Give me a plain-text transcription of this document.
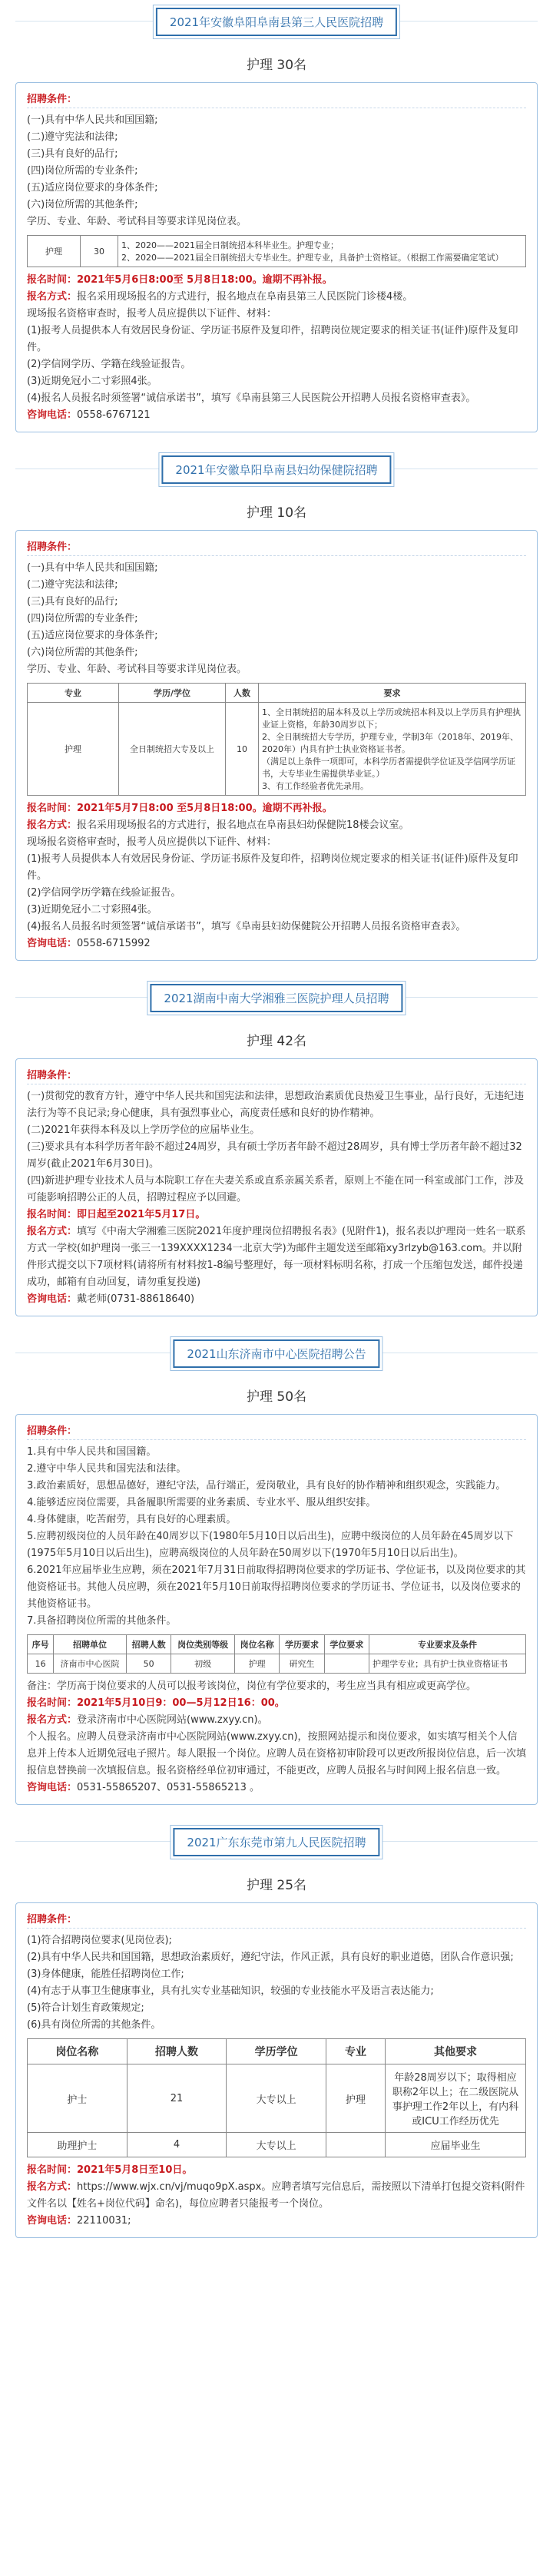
2021年安徽阜阳阜南县第三人民医院招聘
护理 30名
招聘条件：
(一)具有中华人民共和国国籍;
(二)遵守宪法和法律;
(三)具有良好的品行;
(四)岗位所需的专业条件;
(五)适应岗位要求的身体条件;
(六)岗位所需的其他条件;
学历、专业、年龄、考试科目等要求详见岗位表。
护理	30	
1、2020——2021届全日制统招本科毕业生。护理专业；
2、2020——2021届全日制统招大专毕业生。护理专业，具备护士资格证。（根据工作需要确定笔试）
报名时间：2021年5月6日8:00至 5月8日18:00。逾期不再补报。
报名方式：报名采用现场报名的方式进行，报名地点在阜南县第三人民医院门诊楼4楼。
现场报名资格审查时，报考人员应提供以下证件、材料：
(1)报考人员提供本人有效居民身份证、学历证书原件及复印件，招聘岗位规定要求的相关证书(证件)原件及复印件。
(2)学信网学历、学籍在线验证报告。
(3)近期免冠小二寸彩照4张。
(4)报名人员报名时须签署“诚信承诺书”，填写《阜南县第三人民医院公开招聘人员报名资格审查表》。
咨询电话：0558-6767121
2021年安徽阜阳阜南县妇幼保健院招聘
护理 10名
招聘条件：
(一)具有中华人民共和国国籍;
(二)遵守宪法和法律;
(三)具有良好的品行;
(四)岗位所需的专业条件;
(五)适应岗位要求的身体条件;
(六)岗位所需的其他条件;
学历、专业、年龄、考试科目等要求详见岗位表。
专业	学历/学位	人数	要求
护理	全日制统招大专及以上	10	1、全日制统招的届本科及以上学历或统招本科及以上学历具有护理执业证上资格，年龄30周岁以下；
2、全日制统招大专学历，护理专业，学制3年（2018年、2019年、2020年）内具有护士执业资格证书者。
（满足以上条件一项即可，本科学历者需提供学位证及学信网学历证书，大专毕业生需提供毕业证。）
3、有工作经验者优先录用。
报名时间：2021年5月7日8:00 至5月8日18:00。逾期不再补报。
报名方式：报名采用现场报名的方式进行，报名地点在阜南县妇幼保健院18楼会议室。
现场报名资格审查时，报考人员应提供以下证件、材料：
(1)报考人员提供本人有效居民身份证、学历证书原件及复印件，招聘岗位规定要求的相关证书(证件)原件及复印件。
(2)学信网学历学籍在线验证报告。
(3)近期免冠小二寸彩照4张。
(4)报名人员报名时须签署“诚信承诺书”，填写《阜南县妇幼保健院公开招聘人员报名资格审查表》。
咨询电话：0558-6715992
2021湖南中南大学湘雅三医院护理人员招聘
护理 42名
招聘条件：
(一)贯彻党的教育方针，遵守中华人民共和国宪法和法律，思想政治素质优良热爱卫生事业，品行良好，无违纪违法行为等不良记录;身心健康，具有强烈事业心，高度责任感和良好的协作精神。
(二)2021年获得本科及以上学历学位的应届毕业生。
(三)要求具有本科学历者年龄不超过24周岁，具有硕士学历者年龄不超过28周岁，具有博士学历者年龄不超过32周岁(截止2021年6月30日)。
(四)新进护理专业技术人员与本院职工存在夫妻关系或直系亲属关系者，原则上不能在同一科室或部门工作，涉及可能影响招聘公正的人员，招聘过程应予以回避。
报名时间：即日起至2021年5月17日。
报名方式：填写《中南大学湘雅三医院2021年度护理岗位招聘报名表》(见附件1)，报名表以护理岗一姓名一联系方式一学校(如护理岗一张三一139XXXX1234一北京大学)为邮件主题发送至邮箱xy3rlzyb@163.com。并以附件形式提交以下7项材料(请将所有材料按1-8编号整理好，每一项材料标明名称，打成一个压缩包发送，邮件投递成功，邮箱有自动回复，请勿重复投递)
咨询电话：戴老师(0731-88618640)
2021山东济南市中心医院招聘公告
护理 50名
招聘条件：
1.具有中华人民共和国国籍。
2.遵守中华人民共和国宪法和法律。
3.政治素质好，思想品德好，遵纪守法，品行端正，爱岗敬业，具有良好的协作精神和组织观念，实践能力。
4.能够适应岗位需要，具备履职所需要的业务素质、专业水平、服从组织安排。
4.身体健康，吃苦耐劳，具有良好的心理素质。
5.应聘初级岗位的人员年龄在40周岁以下(1980年5月10日以后出生)，应聘中级岗位的人员年龄在45周岁以下(1975年5月10日以后出生)，应聘高级岗位的人员年龄在50周岁以下(1970年5月10日以后出生)。
6.2021年应届毕业生应聘，须在2021年7月31日前取得招聘岗位要求的学历证书、学位证书，以及岗位要求的其他资格证书。其他人员应聘，须在2021年5月10日前取得招聘岗位要求的学历证书、学位证书，以及岗位要求的其他资格证书。
7.具备招聘岗位所需的其他条件。
序号	招聘单位	招聘人数	岗位类别等级	岗位名称	学历要求	学位要求	专业要求及条件
16	济南市中心医院	50	初级	护理	研究生		护理学专业；具有护士执业资格证书
备注：学历高于岗位要求的人员可以报考该岗位，岗位有学位要求的，考生应当具有相应或更高学位。
报名时间：2021年5月10日9：00—5月12日16：00。
报名方式：登录济南市中心医院网站(www.zxyy.cn)。
个人报名。应聘人员登录济南市中心医院网站(www.zxyy.cn)，按照网站提示和岗位要求，如实填写相关个人信息并上传本人近期免冠电子照片。每人限报一个岗位。应聘人员在资格初审阶段可以更改所报岗位信息，后一次填报信息替换前一次填报信息。报名资格经单位初审通过，不能更改，应聘人员报名与时间网上报名信息一致。
咨询电话：0531-55865207、0531-55865213 。
2021广东东莞市第九人民医院招聘
护理 25名
招聘条件：
(1)符合招聘岗位要求(见岗位表);
(2)具有中华人民共和国国籍，思想政治素质好，遵纪守法，作风正派，具有良好的职业道德，团队合作意识强;
(3)身体健康，能胜任招聘岗位工作;
(4)有志于从事卫生健康事业，具有扎实专业基础知识，较强的专业技能水平及语言表达能力;
(5)符合计划生育政策规定;
(6)具有岗位所需的其他条件。
岗位名称	招聘人数	学历学位	专业	其他要求
护士	21	大专以上	护理	年龄28周岁以下；取得相应职称2年以上；在二级医院从事护理工作2年以上，有内科或ICU工作经历优先
助理护士	4	大专以上		应届毕业生
报名时间：2021年5月8日至10日。
报名方式：https://www.wjx.cn/vj/muqo9pX.aspx。应聘者填写完信息后，需按照以下清单打包提交资料(附件文件名以【姓名+岗位代码】命名)，每位应聘者只能报考一个岗位。
咨询电话：22110031;
